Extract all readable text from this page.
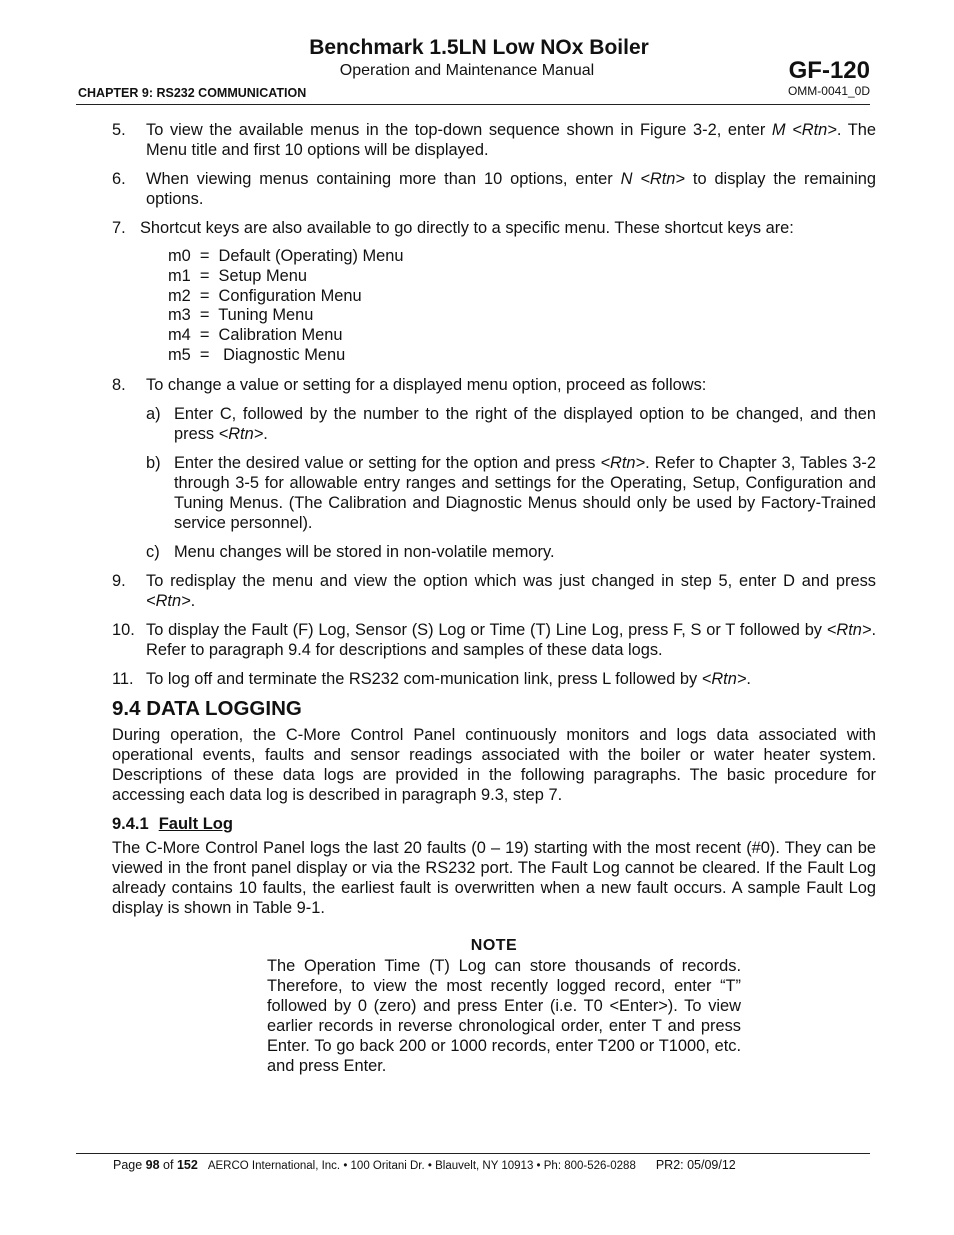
Benchmark 1.5LN Low NOx Boiler
Operation and Maintenance Manual
CHAPTER 9: RS232 COMMUNICATION
GF-120
OMM-0041_0D

5. To view the available menus in the top-down sequence shown in Figure 3-2, enter M <Rtn>. The Menu title and first 10 options will be displayed.

6. When viewing menus containing more than 10 options, enter N <Rtn> to display the remaining options.

7. Shortcut keys are also available to go directly to a specific menu. These shortcut keys are:

m0  =  Default (Operating) Menu
m1  =  Setup Menu
m2  =  Configuration Menu
m3  =  Tuning Menu
m4  =  Calibration Menu
m5  =   Diagnostic Menu

8. To change a value or setting for a displayed menu option, proceed as follows:

a) Enter C, followed by the number to the right of the displayed option to be changed, and then press <Rtn>.

b) Enter the desired value or setting for the option and press <Rtn>. Refer to Chapter 3, Tables 3-2 through 3-5 for allowable entry ranges and settings for the Operating, Setup, Configuration and Tuning Menus. (The Calibration and Diagnostic Menus should only be used by Factory-Trained service personnel).

c) Menu changes will be stored in non-volatile memory.

9. To redisplay the menu and view the option which was just changed in step 5, enter D and press <Rtn>.

10. To display the Fault (F) Log, Sensor (S) Log or Time (T) Line Log, press F, S or T followed by <Rtn>. Refer to paragraph 9.4 for descriptions and samples of these data logs.

11. To log off and terminate the RS232 com-munication link, press L followed by <Rtn>.

9.4 DATA LOGGING

During operation, the C-More Control Panel continuously monitors and logs data associated with operational events, faults and sensor readings associated with the boiler or water heater system. Descriptions of these data logs are provided in the following paragraphs. The basic procedure for accessing each data log is described in paragraph 9.3, step 7.

9.4.1 Fault Log

The C-More Control Panel logs the last 20 faults (0 – 19) starting with the most recent (#0). They can be viewed in the front panel display or via the RS232 port. The Fault Log cannot be cleared. If the Fault Log already contains 10 faults, the earliest fault is overwritten when a new fault occurs. A sample Fault Log display is shown in Table 9-1.

NOTE

The Operation Time (T) Log can store thousands of records. Therefore, to view the most recently logged record, enter “T” followed by 0 (zero) and press Enter (i.e. T0 <Enter>). To view earlier records in reverse chronological order, enter T and press Enter. To go back 200 or 1000 records, enter T200 or T1000, etc. and press Enter.

Page 98 of 152 AERCO International, Inc. • 100 Oritani Dr. • Blauvelt, NY 10913 • Ph: 800-526-0288 PR2: 05/09/12
